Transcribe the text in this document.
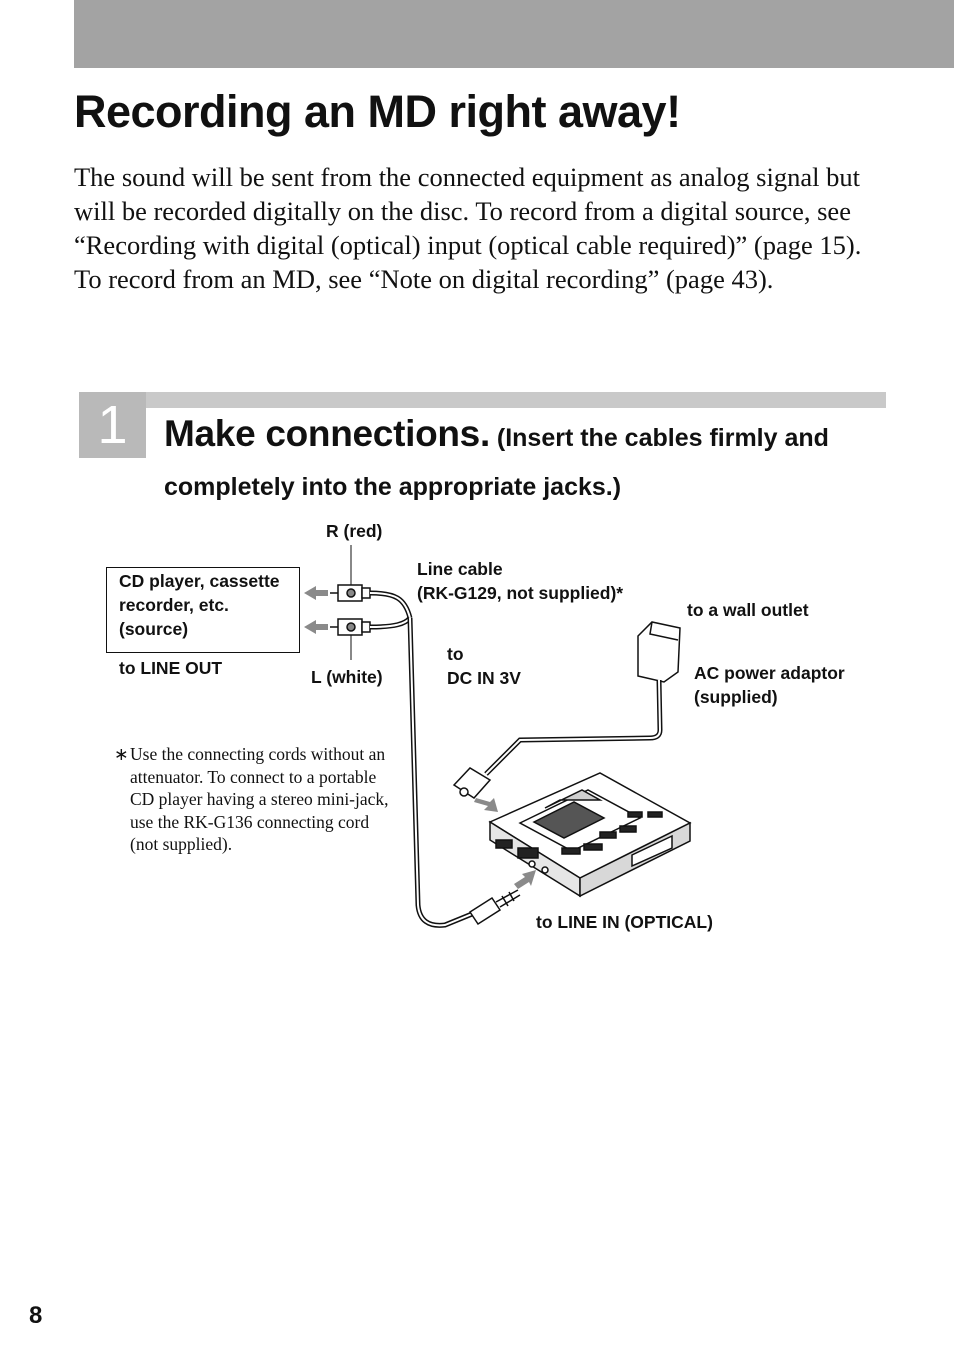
Recording an MD right away!

The sound will be sent from the connected equipment as analog signal but will be recorded digitally on the disc. To record from a digital source, see “Recording with digital (optical) input (optical cable required)” (page 15). To record from an MD, see “Note on digital recording” (page 43).

1 Make connections. (Insert the cables firmly and completely into the appropriate jacks.)

CD player, cassette recorder, etc. (source)

to LINE OUT

R (red)

L (white)

Line cable

(RK-G129, not supplied)*

to a wall outlet

to

DC IN 3V	AC power adaptor

(supplied)

to LINE IN (OPTICAL)

∗ Use the connecting cords without an attenuator. To connect to a portable CD player having a stereo mini-jack, use the RK-G136 connecting cord (not supplied).

8
